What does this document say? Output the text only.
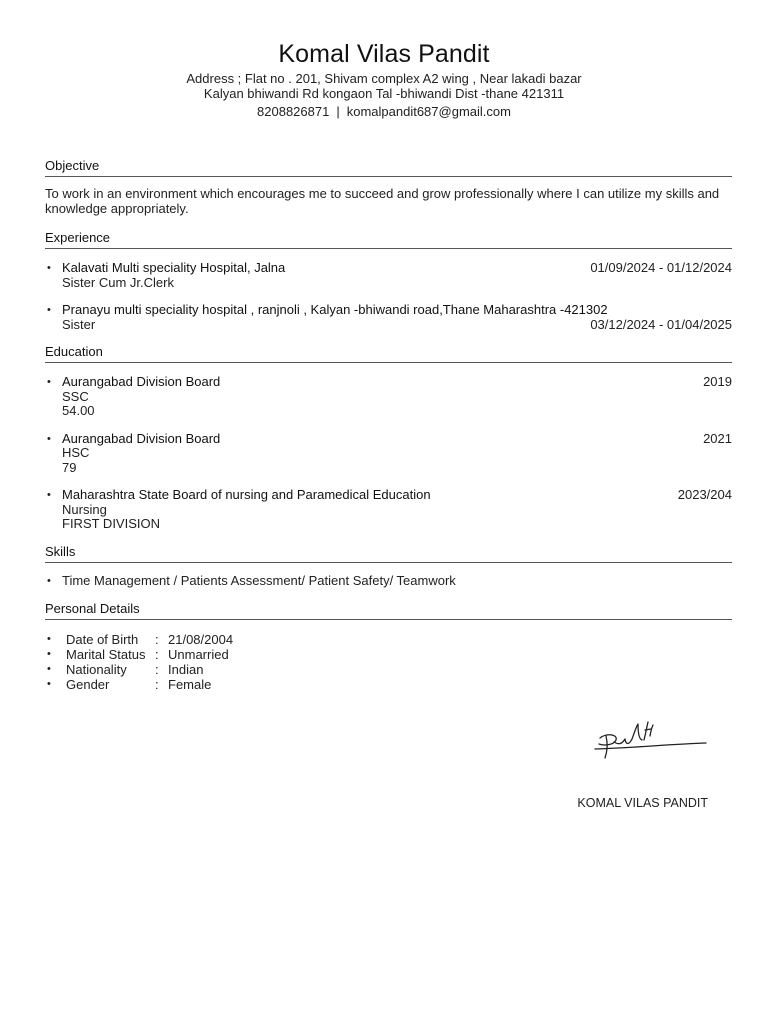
Komal Vilas Pandit
Address ; Flat no . 201, Shivam complex A2 wing , Near lakadi bazar
Kalyan bhiwandi Rd kongaon Tal -bhiwandi Dist -thane 421311
8208826871 | komalpandit687@gmail.com
Objective
To work in an environment which encourages me to succeed and grow professionally where I can utilize my skills and knowledge appropriately.
Experience
• Kalavati Multi speciality Hospital, Jalna	01/09/2024 - 01/12/2024
Sister Cum Jr.Clerk
• Pranayu multi speciality hospital , ranjnoli , Kalyan -bhiwandi road,Thane Maharashtra -421302
Sister	03/12/2024 - 01/04/2025
Education
• Aurangabad Division Board	2019
SSC
54.00
• Aurangabad Division Board	2021
HSC
79
• Maharashtra State Board of nursing and Paramedical Education	2023/204
Nursing
FIRST DIVISION
Skills
• Time Management / Patients Assessment/ Patient Safety/ Teamwork
Personal Details
• Date of Birth : 21/08/2004
• Marital Status : Unmarried
• Nationality : Indian
• Gender	: Female
KOMAL VILAS PANDIT
